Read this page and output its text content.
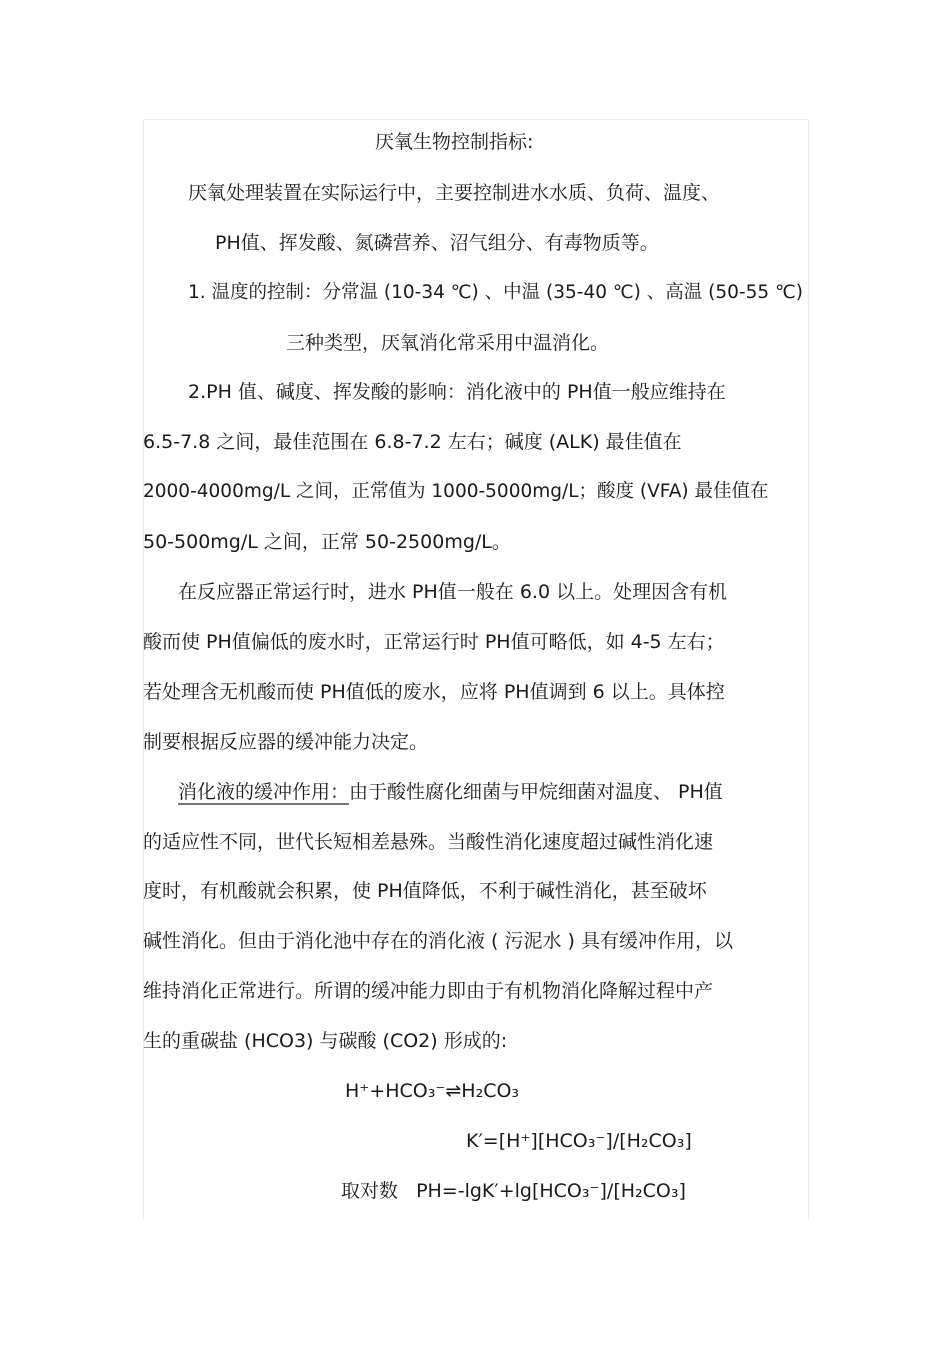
厌氧生物控制指标:
厌氧处理装置在实际运行中，主要控制进水水质、负荷、温度、
PH值、挥发酸、氮磷营养、沼气组分、有毒物质等。
1. 温度的控制：分常温 (10-34 ℃) 、中温 (35-40 ℃) 、高温 (50-55 ℃)
三种类型，厌氧消化常采用中温消化。
2.PH 值、碱度、挥发酸的影响：消化液中的 PH值一般应维持在
6.5-7.8 之间，最佳范围在 6.8-7.2 左右；碱度 (ALK) 最佳值在
2000-4000mg/L 之间，正常值为 1000-5000mg/L；酸度 (VFA) 最佳值在
50-500mg/L 之间，正常 50-2500mg/L。
在反应器正常运行时，进水 PH值一般在 6.0 以上。处理因含有机
酸而使 PH值偏低的废水时，正常运行时 PH值可略低，如 4-5 左右；
若处理含无机酸而使 PH值低的废水，应将 PH值调到 6 以上。具体控
制要根据反应器的缓冲能力决定。
消化液的缓冲作用：由于酸性腐化细菌与甲烷细菌对温度、 PH值
的适应性不同，世代长短相差悬殊。当酸性消化速度超过碱性消化速
度时，有机酸就会积累，使 PH值降低，不利于碱性消化，甚至破坏
碱性消化。但由于消化池中存在的消化液 ( 污泥水 ) 具有缓冲作用，以
维持消化正常进行。所谓的缓冲能力即由于有机物消化降解过程中产
生的重碳盐 (HCO3) 与碳酸 (CO2) 形成的:
H⁺+HCO₃⁻⇌H₂CO₃
K′=[H⁺][HCO₃⁻]/[H₂CO₃]
取对数 PH=-lgK′+lg[HCO₃⁻]/[H₂CO₃]
